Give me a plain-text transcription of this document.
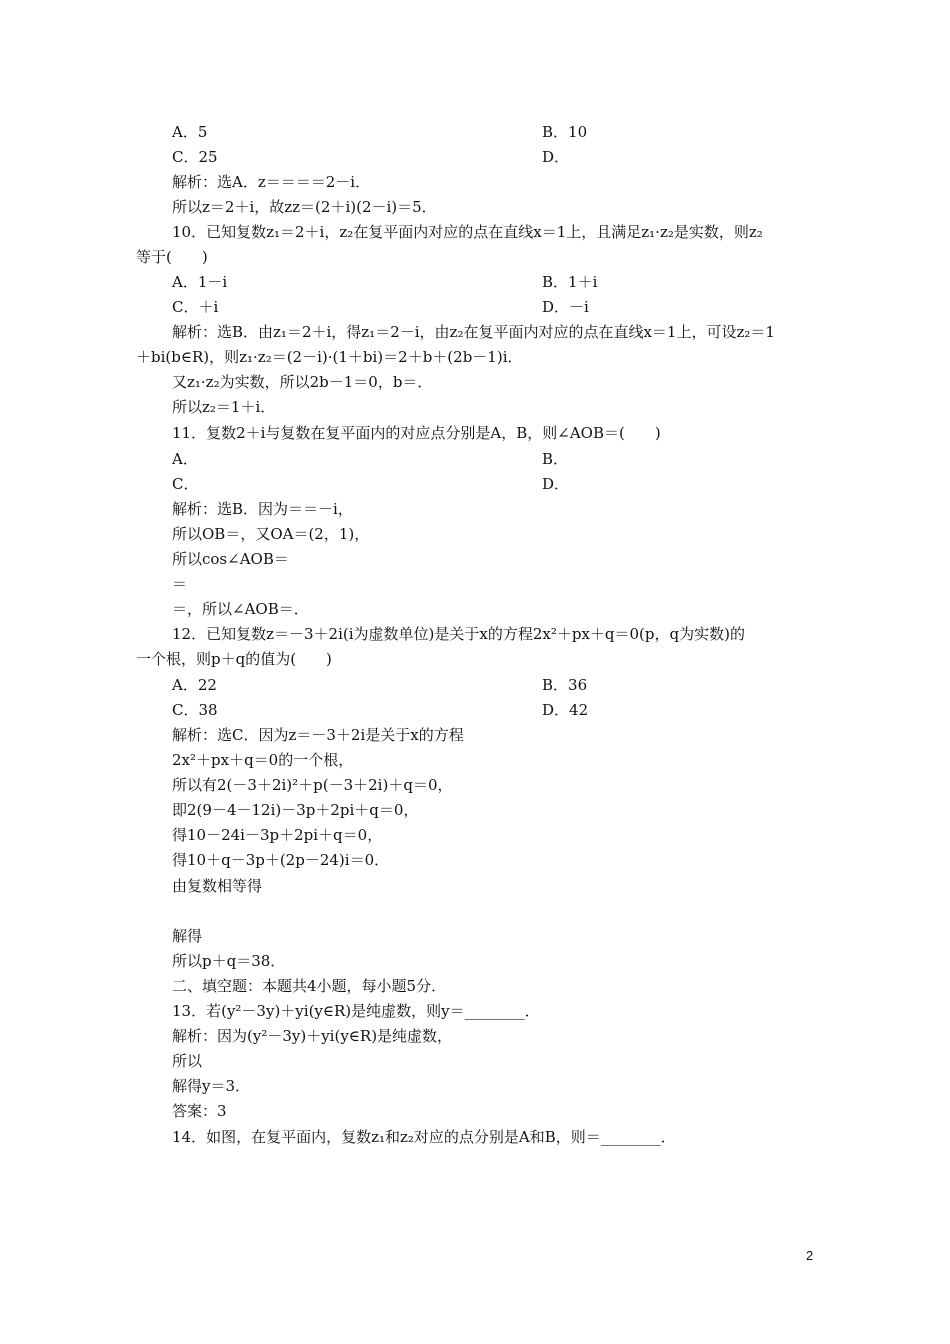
A．5	B．10
C．25	D．
解析：选A．z＝＝＝＝2－i．
所以z＝2＋i，故zz＝(2＋i)(2－i)＝5．
10．已知复数z₁＝2＋i，z₂在复平面内对应的点在直线x＝1上，且满足z₁·z₂是实数，则z₂
等于(　　)
A．1－i	B．1＋i
C．＋i	D．－i
解析：选B．由z₁＝2＋i，得z₁＝2－i，由z₂在复平面内对应的点在直线x＝1上，可设z₂＝1
＋bi(b∈R)，则z₁·z₂＝(2－i)·(1＋bi)＝2＋b＋(2b－1)i．
又z₁·z₂为实数，所以2b－1＝0，b＝．
所以z₂＝1＋i．
11．复数2＋i与复数在复平面内的对应点分别是A，B，则∠AOB＝(　　)
A．	B．
C．	D．
解析：选B．因为＝＝－i，
所以OB＝，又OA＝(2，1)，
所以cos∠AOB＝
＝
＝，所以∠AOB＝．
12．已知复数z＝－3＋2i(i为虚数单位)是关于x的方程2x²＋px＋q＝0(p，q为实数)的
一个根，则p＋q的值为(　　)
A．22	B．36
C．38	D．42
解析：选C．因为z＝－3＋2i是关于x的方程
2x²＋px＋q＝0的一个根，
所以有2(－3＋2i)²＋p(－3＋2i)＋q＝0，
即2(9－4－12i)－3p＋2pi＋q＝0，
得10－24i－3p＋2pi＋q＝0，
得10＋q－3p＋(2p－24)i＝0．
由复数相等得
解得
所以p＋q＝38．
二、填空题：本题共4小题，每小题5分．
13．若(y²－3y)＋yi(y∈R)是纯虚数，则y＝________．
解析：因为(y²－3y)＋yi(y∈R)是纯虚数，
所以
解得y＝3．
答案：3
14．如图，在复平面内，复数z₁和z₂对应的点分别是A和B，则＝________．
2
